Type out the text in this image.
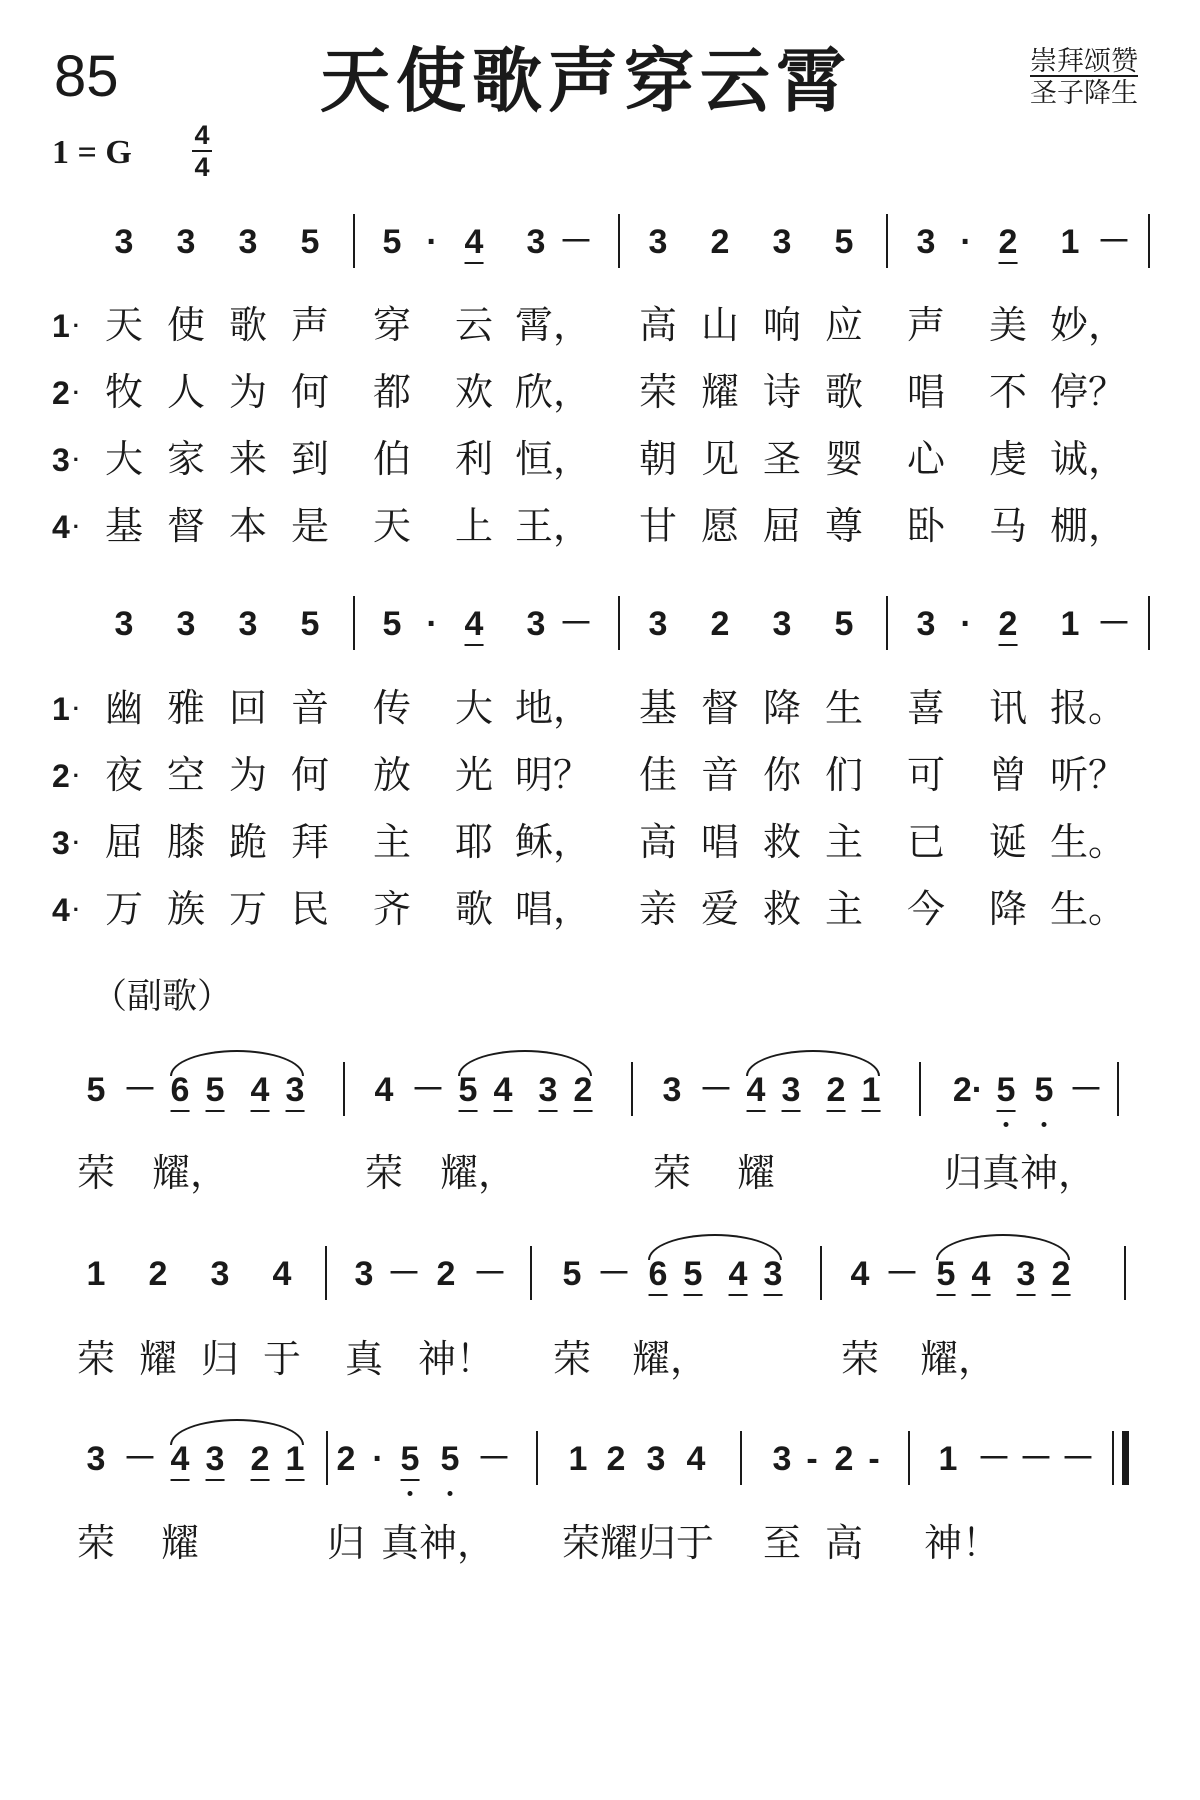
85	天使歌声穿云霄	崇拜颂赞
圣子降生
1 = G 4
4
3 3 3 5 5 · 4 3 － 3 2 3 5 3 · 2 1 －
1 · 天 使 歌 声 穿 云 霄， 高 山 响 应 声 美 妙，
2 · 牧 人 为 何 都 欢 欣， 荣 耀 诗 歌 唱 不 停？
3 · 大 家 来 到 伯 利 恒， 朝 见 圣 婴 心 虔 诚，
4 · 基 督 本 是 天 上 王， 甘 愿 屈 尊 卧 马 棚，
3 3 3 5 5 · 4 3 － 3 2 3 5 3 · 2 1 －
1 · 幽 雅 回 音 传 大 地， 基 督 降 生 喜 讯 报。
2 · 夜 空 为 何 放 光 明？ 佳 音 你 们 可 曾 听？
3 · 屈 膝 跪 拜 主 耶 稣， 高 唱 救 主 已 诞 生。
4 · 万 族 万 民 齐 歌 唱， 亲 爱 救 主 今 降 生。
（副歌）
5 － 6 5 4 3 4 － 5 4 3 2 3 － 4 3 2 1 2· 5 5 －
荣 耀，	荣 耀，	荣 耀	归真神，
1 2 3 4 3 － 2 － 5 － 6 5 4 3 4 － 5 4 3 2
荣 耀 归 于 真 神！ 荣 耀，	荣 耀，
3 － 4 3 2 1 2 · 5 5 － 1 2 3 4 3 - 2 - 1 － － －
荣 耀	归 真神， 荣耀归于 至 高 神！
